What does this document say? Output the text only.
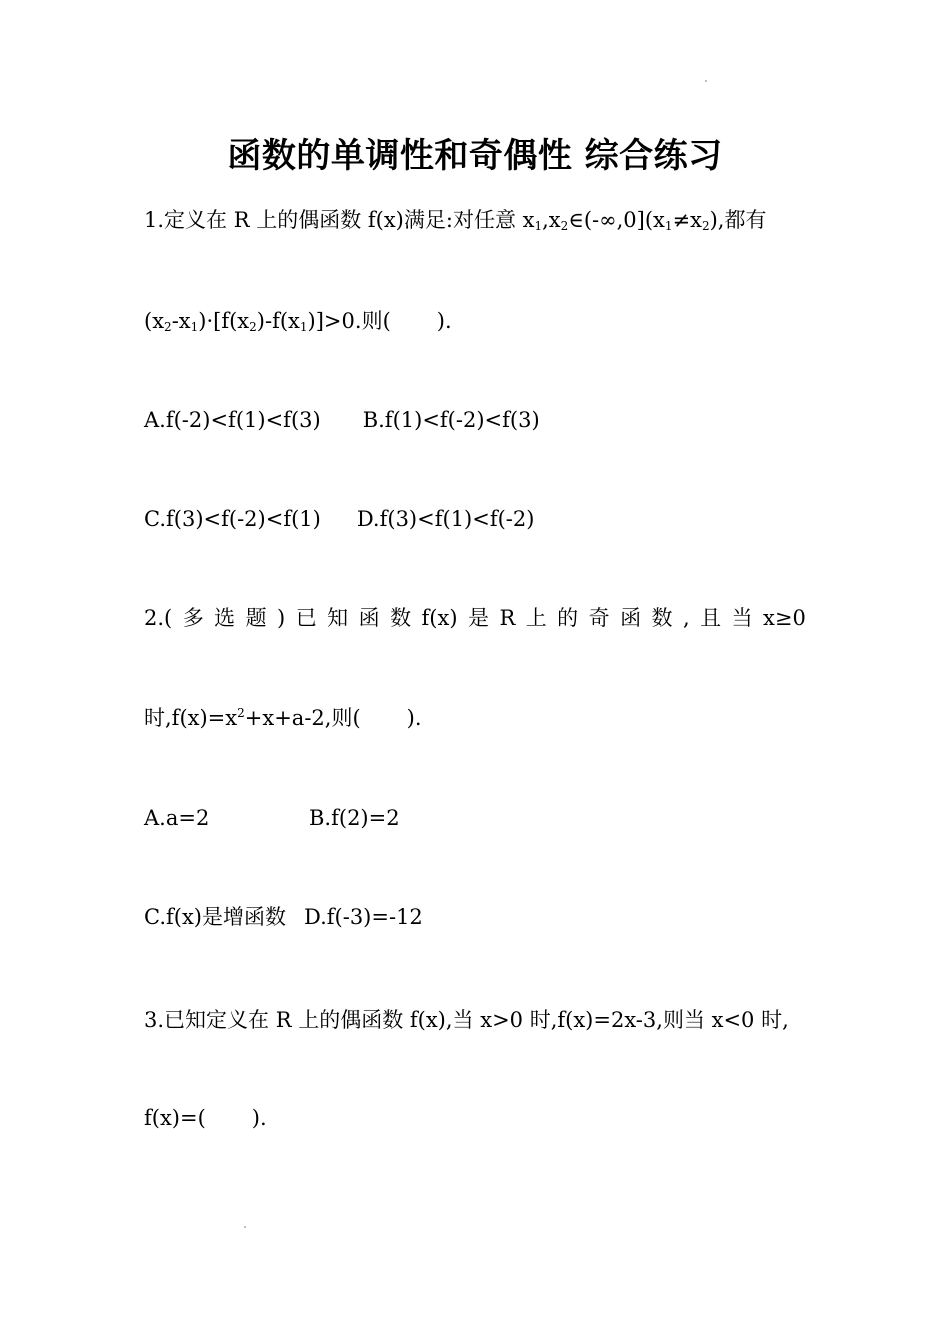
函数的单调性和奇偶性 综合练习
1.定义在 R 上的偶函数 f(x)满足:对任意 $x_1,x_2\in(-\infty,0](x_1\ne x_2)$,都有
$(x_2-x_1)\cdot[f(x_2)-f(x_1)]>0$.则( ).
A.f(-2)<f(1)<f(3) B.f(1)<f(-2)<f(3)
C.f(3)<f(-2)<f(1) D.f(3)<f(1)<f(-2)
2.( 多 选 题 ) 已 知 函 数 f(x) 是 R 上 的 奇 函 数 , 且 当 x≥0
时$,f(x)=x^2+x+a-2$,则( ).
A.a=2	B.f(2)=2
C.f(x)是增函数 D.f(-3)=-12
3.已知定义在 R 上的偶函数 f(x),当 x>0 时,f(x)=2x-3,则当 x<0 时,
f(x)=( ).
